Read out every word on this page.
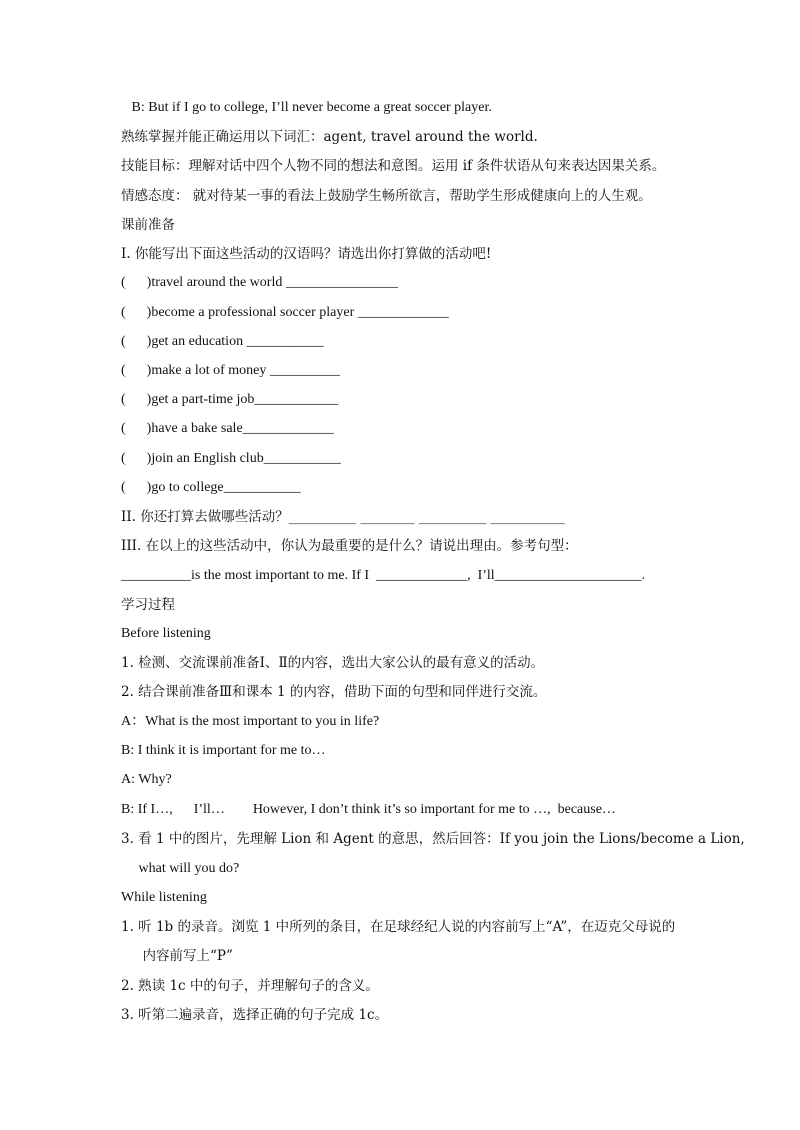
B: But if I go to college, I’ll never become a great soccer player.
熟练掌握并能正确运用以下词汇：agent, travel around the world.
技能目标：理解对话中四个人物不同的想法和意图。运用 if 条件状语从句来表达因果关系。
情感态度： 就对待某一事的看法上鼓励学生畅所欲言，帮助学生形成健康向上的人生观。
课前准备
I. 你能写出下面这些活动的汉语吗？请选出你打算做的活动吧!
(      )travel around the world ________________
(      )become a professional soccer player _____________
(      )get an education ___________
(      )make a lot of money __________
(      )get a part-time job____________
(      )have a bake sale_____________
(      )join an English club___________
(      )go to college___________
II. 你还打算去做哪些活动？__________ ________ __________ ___________
III. 在以上的这些活动中，你认为最重要的是什么？请说出理由。参考句型：
__________is the most important to me. If I  _____________,  I’ll_____________________.
学习过程
Before listening
1. 检测、交流课前准备Ⅰ、Ⅱ的内容，选出大家公认的最有意义的活动。
2. 结合课前准备Ⅲ和课本 1 的内容，借助下面的句型和同伴进行交流。
A：What is the most important to you in life?
B: I think it is important for me to…
A: Why?
B: If I…,      I’ll…        However, I don’t think it’s so important for me to …,  because…
3. 看 1 中的图片，先理解 Lion 和 Agent 的意思，然后回答：If you join the Lions/become a Lion,
what will you do?
While listening
1. 听 1b 的录音。浏览 1 中所列的条目，在足球经纪人说的内容前写上“A”，在迈克父母说的
内容前写上“P”
2. 熟读 1c 中的句子，并理解句子的含义。
3. 听第二遍录音，选择正确的句子完成 1c。
